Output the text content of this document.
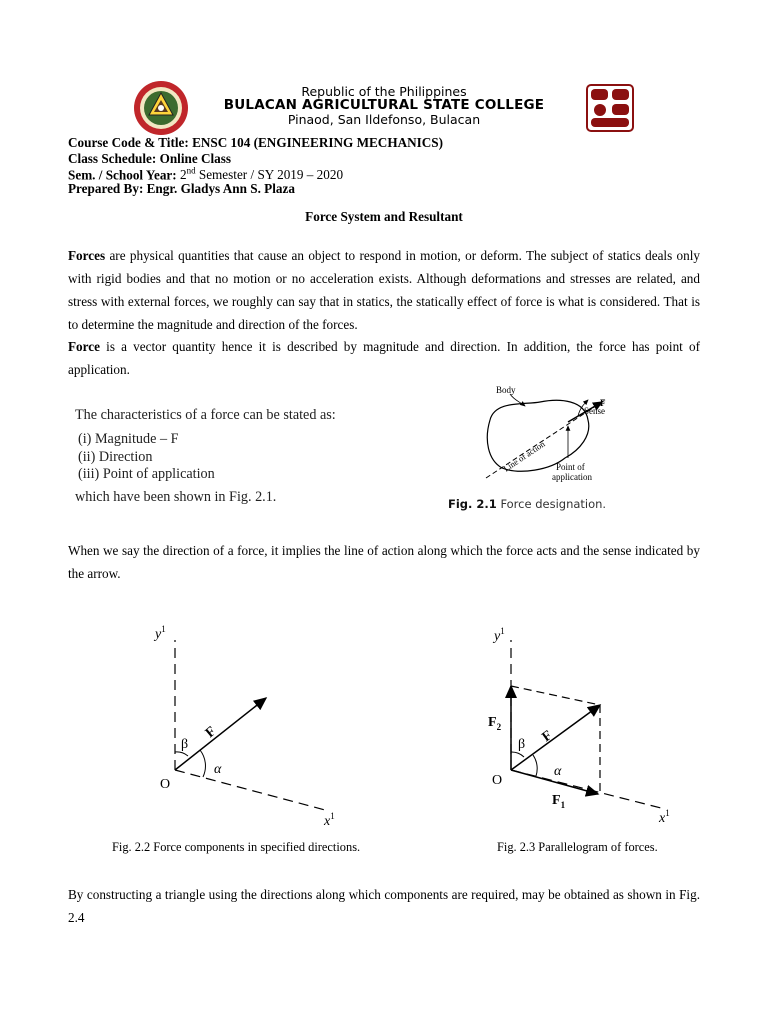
Republic of the Philippines
BULACAN AGRICULTURAL STATE COLLEGE
Pinaod, San Ildefonso, Bulacan
Course Code & Title: ENSC 104 (ENGINEERING MECHANICS)
Class Schedule: Online Class
Sem. / School Year: 2nd Semester / SY 2019 – 2020
Prepared By: Engr. Gladys Ann S. Plaza
Force System and Resultant
Forces are physical quantities that cause an object to respond in motion, or deform. The subject of statics deals only with rigid bodies and that no motion or no acceleration exists. Although deformations and stresses are related, and stress with external forces, we roughly can say that in statics, the statically effect of force is what is considered. That is to determine the magnitude and direction of the forces.
Force is a vector quantity hence it is described by magnitude and direction. In addition, the force has point of application.
The characteristics of a force can be stated as:
(i) Magnitude – F
(ii) Direction
(iii) Point of application
which have been shown in Fig. 2.1.
Body
F
Sense
Line of action Point of
application
Fig. 2.1 Force designation.
When we say the direction of a force, it implies the line of action along which the force acts and the sense indicated by the arrow.
$y^1$
$x^1$
F
β
α
O
Fig. 2.2 Force components in specified directions.
$y^1$
$x^1$
$F_2$
$F_1$
F
β
α
O
Fig. 2.3 Parallelogram of forces.
By constructing a triangle using the directions along which components are required, may be obtained as shown in Fig. 2.4
